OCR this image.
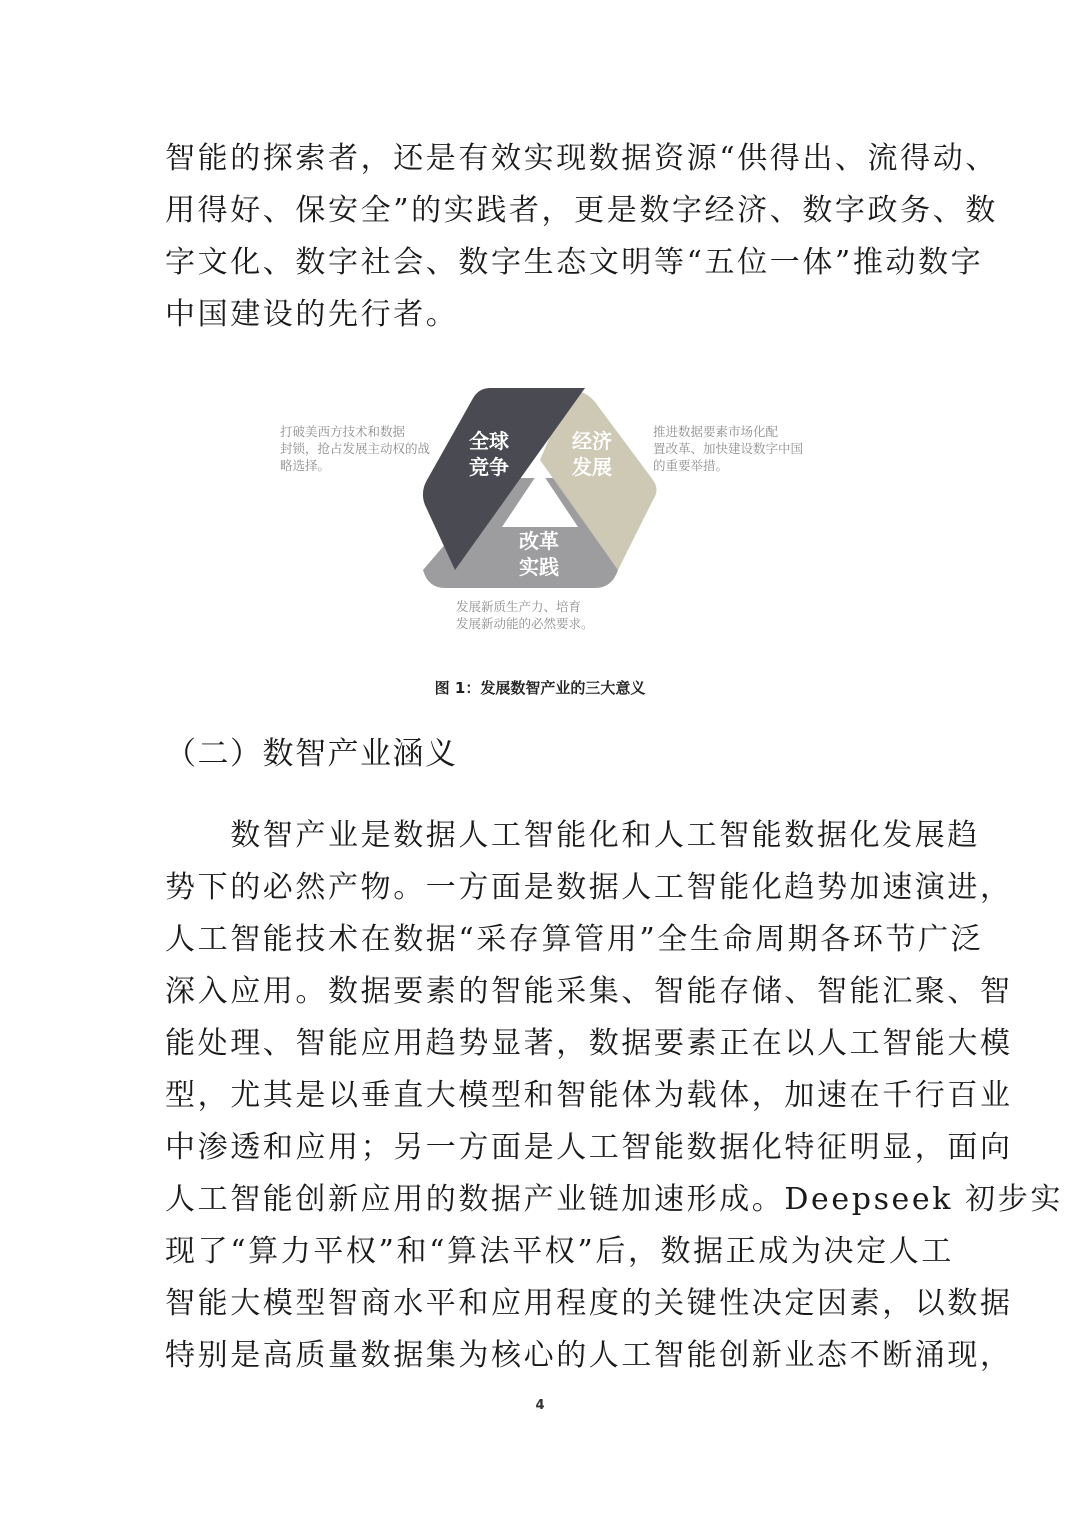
智能的探索者，还是有效实现数据资源“供得出、流得动、
用得好、保安全”的实践者，更是数字经济、数字政务、数
字文化、数字社会、数字生态文明等“五位一体”推动数字
中国建设的先行者。
全球
竞争
经济
发展
改革
实践

打破美西方技术和数据
封锁，抢占发展主动权的战
略选择。

推进数据要素市场化配
置改革、加快建设数字中国
的重要举措。

发展新质生产力、培育
发展新动能的必然要求。

图 1：发展数智产业的三大意义

（二）数智产业涵义
　　数智产业是数据人工智能化和人工智能数据化发展趋
势下的必然产物。一方面是数据人工智能化趋势加速演进，
人工智能技术在数据“采存算管用”全生命周期各环节广泛
深入应用。数据要素的智能采集、智能存储、智能汇聚、智
能处理、智能应用趋势显著，数据要素正在以人工智能大模
型，尤其是以垂直大模型和智能体为载体，加速在千行百业
中渗透和应用；另一方面是人工智能数据化特征明显，面向
人工智能创新应用的数据产业链加速形成。Deepseek 初步实
现了“算力平权”和“算法平权”后，数据正成为决定人工
智能大模型智商水平和应用程度的关键性决定因素，以数据
特别是高质量数据集为核心的人工智能创新业态不断涌现，
4
